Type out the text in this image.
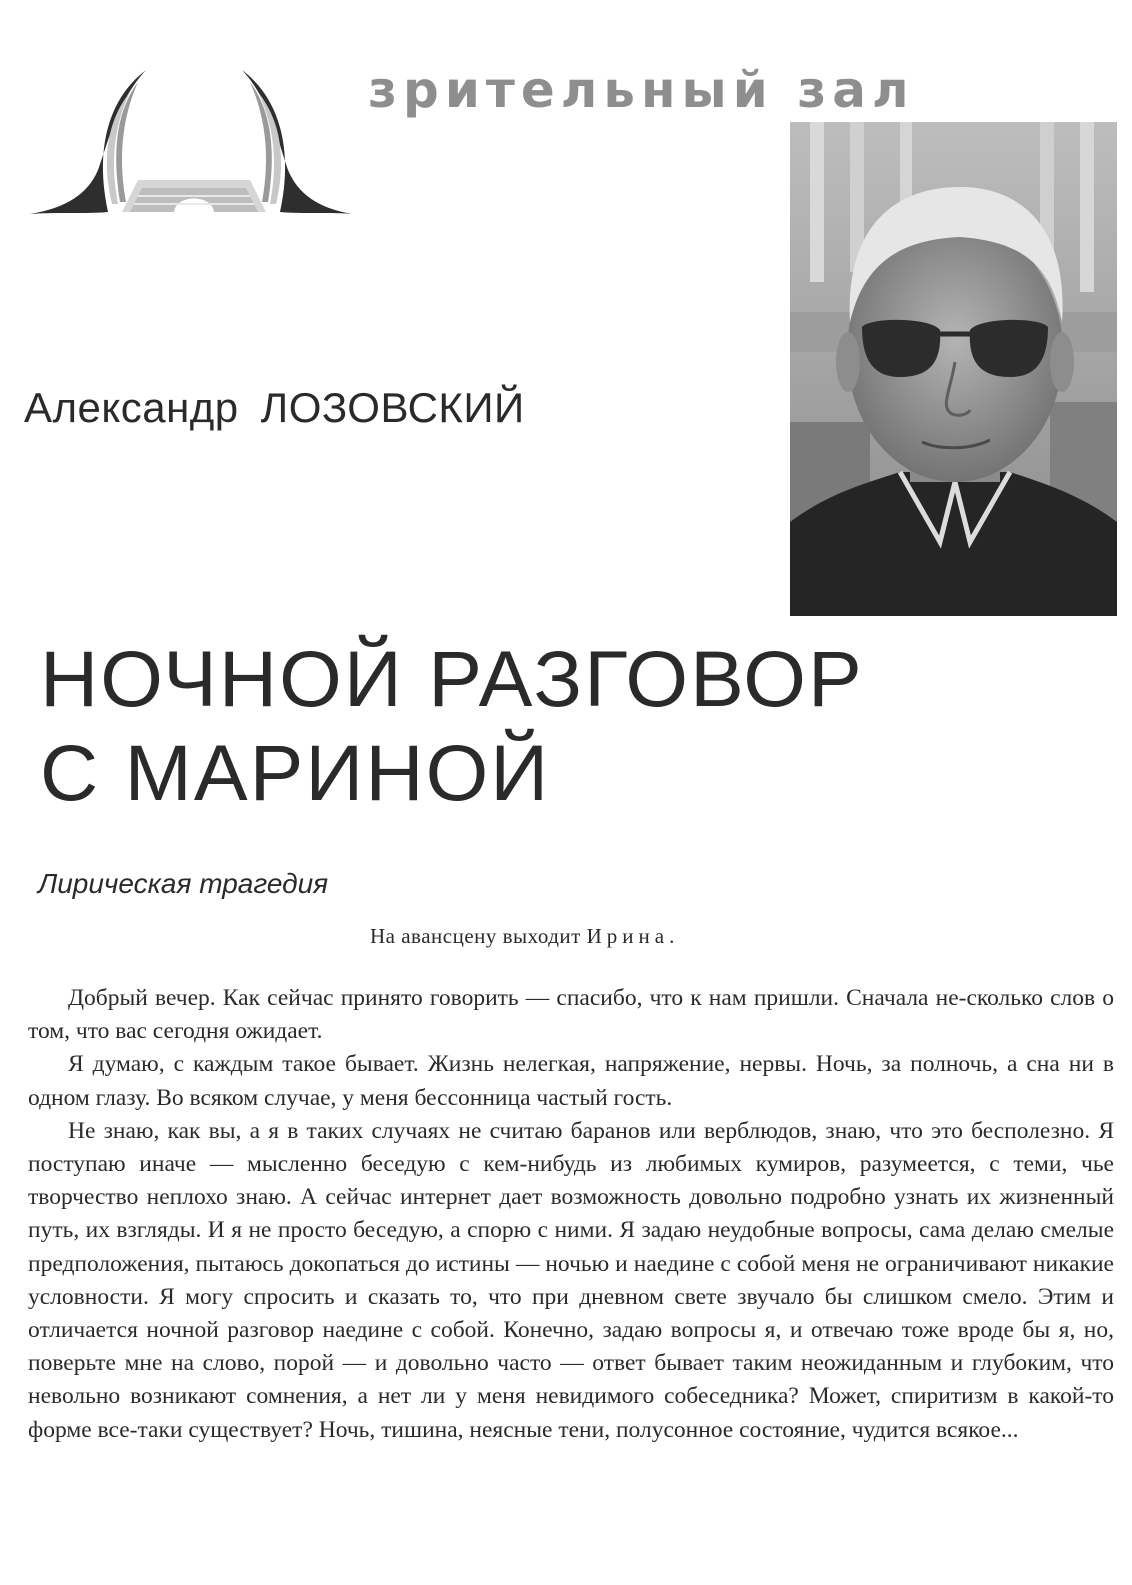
зрительный зал
Александр ЛОЗОВСКИЙ
НОЧНОЙ РАЗГОВОР
С МАРИНОЙ
Лирическая трагедия
На авансцену выходит Ирина.

Добрый вечер. Как сейчас принято говорить — спасибо, что к нам пришли. Сначала не-сколько слов о том, что вас сегодня ожидает.

Я думаю, с каждым такое бывает. Жизнь нелегкая, напряжение, нервы. Ночь, за полночь, а сна ни в одном глазу. Во всяком случае, у меня бессонница частый гость.

Не знаю, как вы, а я в таких случаях не считаю баранов или верблюдов, знаю, что это бесполезно. Я поступаю иначе — мысленно беседую с кем-нибудь из любимых кумиров, разумеется, с теми, чье творчество неплохо знаю. А сейчас интернет дает возможность довольно подробно узнать их жизненный путь, их взгляды. И я не просто беседую, а спорю с ними. Я задаю неудобные вопросы, сама делаю смелые предположения, пытаюсь докопаться до истины — ночью и наедине с собой меня не ограничивают никакие условности. Я могу спросить и сказать то, что при дневном свете звучало бы слишком смело. Этим и отличается ночной разговор наедине с собой. Конечно, задаю вопросы я, и отвечаю тоже вроде бы я, но, поверьте мне на слово, порой — и довольно часто — ответ бывает таким неожиданным и глубоким, что невольно возникают сомнения, а нет ли у меня невидимого собеседника? Может, спиритизм в какой-то форме все-таки существует? Ночь, тишина, неясные тени, полусонное состояние, чудится всякое...
